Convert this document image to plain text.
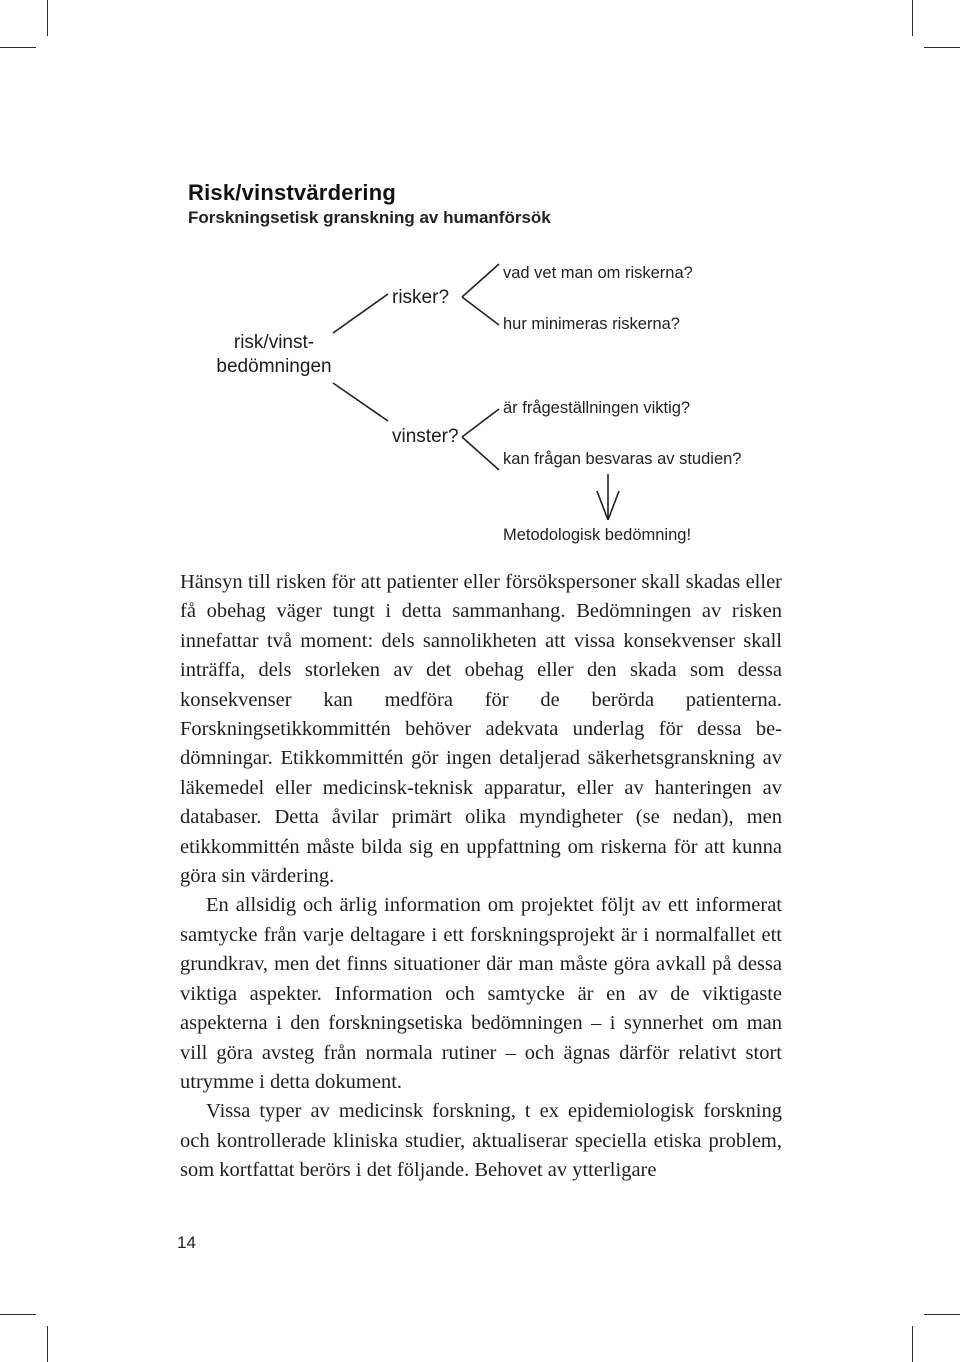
Risk/vinstvärdering
Forskningsetisk granskning av humanförsök
risk/vinst-
bedömningen
risker?
vinster?
vad vet man om riskerna?
hur minimeras riskerna?
är frågeställningen viktig?
kan frågan besvaras av studien?
Metodologisk bedömning!

Hänsyn till risken för att patienter eller försökspersoner skall skadas eller få obehag väger tungt i detta sammanhang. Bedömningen av risken innefattar två moment: dels sannolikheten att vissa konsekvenser skall inträffa, dels storleken av det obehag eller den skada som dessa konsekvenser kan medföra för de berörda patienterna. Forskningsetikkommittén behöver adekvata underlag för dessa bedömningar. Etikkommittén gör ingen detaljerad säkerhetsgranskning av läkemedel eller medicinsk-teknisk apparatur, eller av hanteringen av databaser. Detta åvilar primärt olika myndigheter (se nedan), men etikkommittén måste bilda sig en uppfattning om riskerna för att kunna göra sin värdering.

En allsidig och ärlig information om projektet följt av ett informerat samtycke från varje deltagare i ett forskningsprojekt är i normalfallet ett grundkrav, men det finns situationer där man måste göra avkall på dessa viktiga aspekter. Information och samtycke är en av de viktigaste aspekterna i den forskningsetiska bedömningen – i synnerhet om man vill göra avsteg från normala rutiner – och ägnas därför relativt stort utrymme i detta dokument.

Vissa typer av medicinsk forskning, t ex epidemiologisk forskning och kontrollerade kliniska studier, aktualiserar speciella etiska problem, som kortfattat berörs i det följande. Behovet av ytterligare

14
